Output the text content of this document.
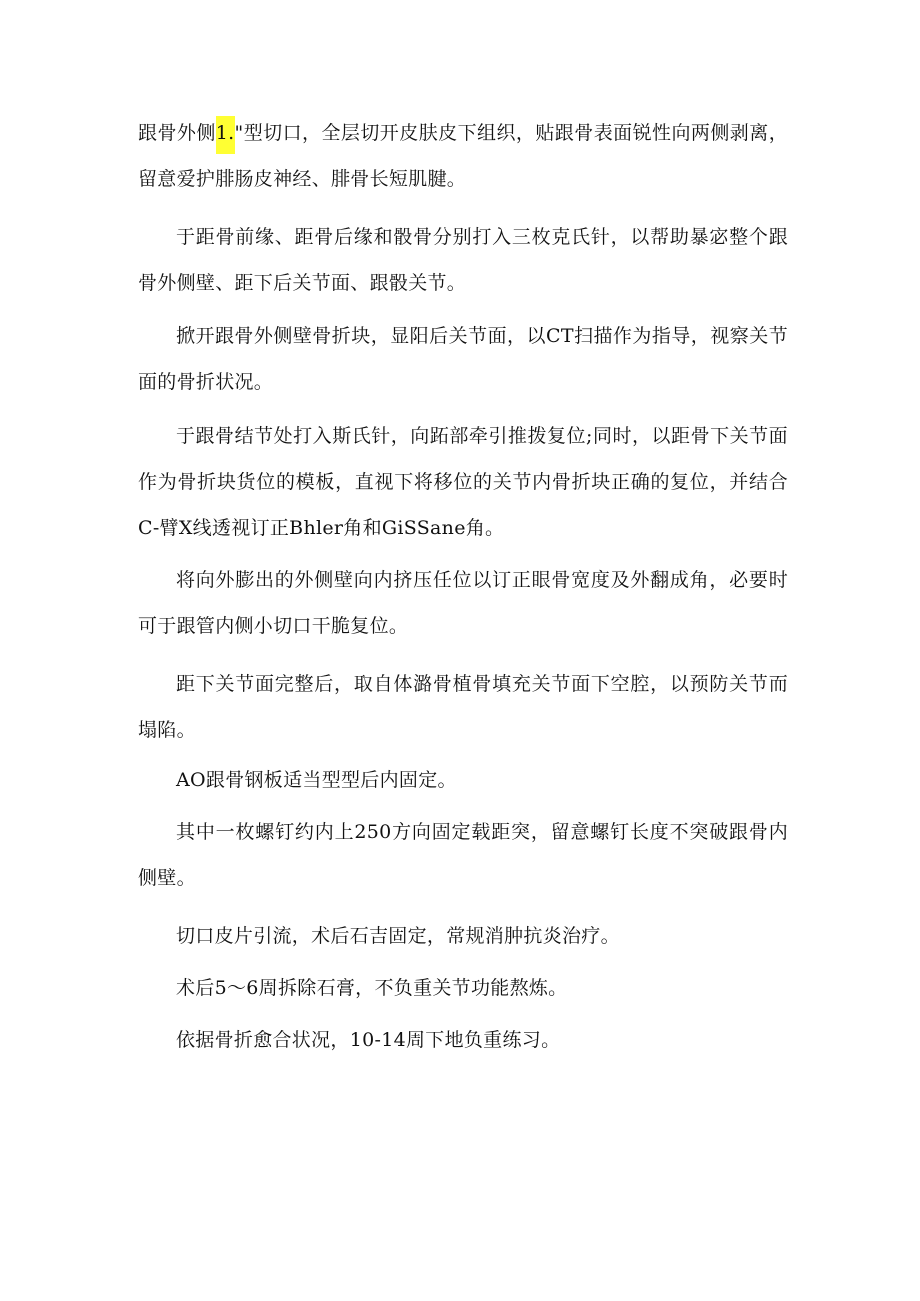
跟骨外侧1."型切口，全层切开皮肤皮下组织，贴跟骨表面锐性向两侧剥离，留意爱护腓肠皮神经、腓骨长短肌腱。

于距骨前缘、距骨后缘和骰骨分别打入三枚克氏针，以帮助暴宓整个跟骨外侧壁、距下后关节面、跟骰关节。

掀开跟骨外侧壁骨折块，显阳后关节面，以CT扫描作为指导，视察关节面的骨折状况。

于跟骨结节处打入斯氏针，向跖部牵引推拨复位;同时，以距骨下关节面作为骨折块货位的模板，直视下将移位的关节内骨折块正确的复位，并结合C-臂X线透视订正Bhler角和GiSSane角。

将向外膨出的外侧壁向内挤压任位以订正眼骨宽度及外翻成角，必要时可于跟管内侧小切口干脆复位。

距下关节面完整后，取自体潞骨植骨填充关节面下空腔，以预防关节而塌陷。

AO跟骨钢板适当型型后内固定。

其中一枚螺钉约内上250方向固定载距突，留意螺钉长度不突破跟骨内侧壁。

切口皮片引流，术后石吉固定，常规消肿抗炎治疗。

术后5～6周拆除石膏，不负重关节功能熬炼。

依据骨折愈合状况，10-14周下地负重练习。
